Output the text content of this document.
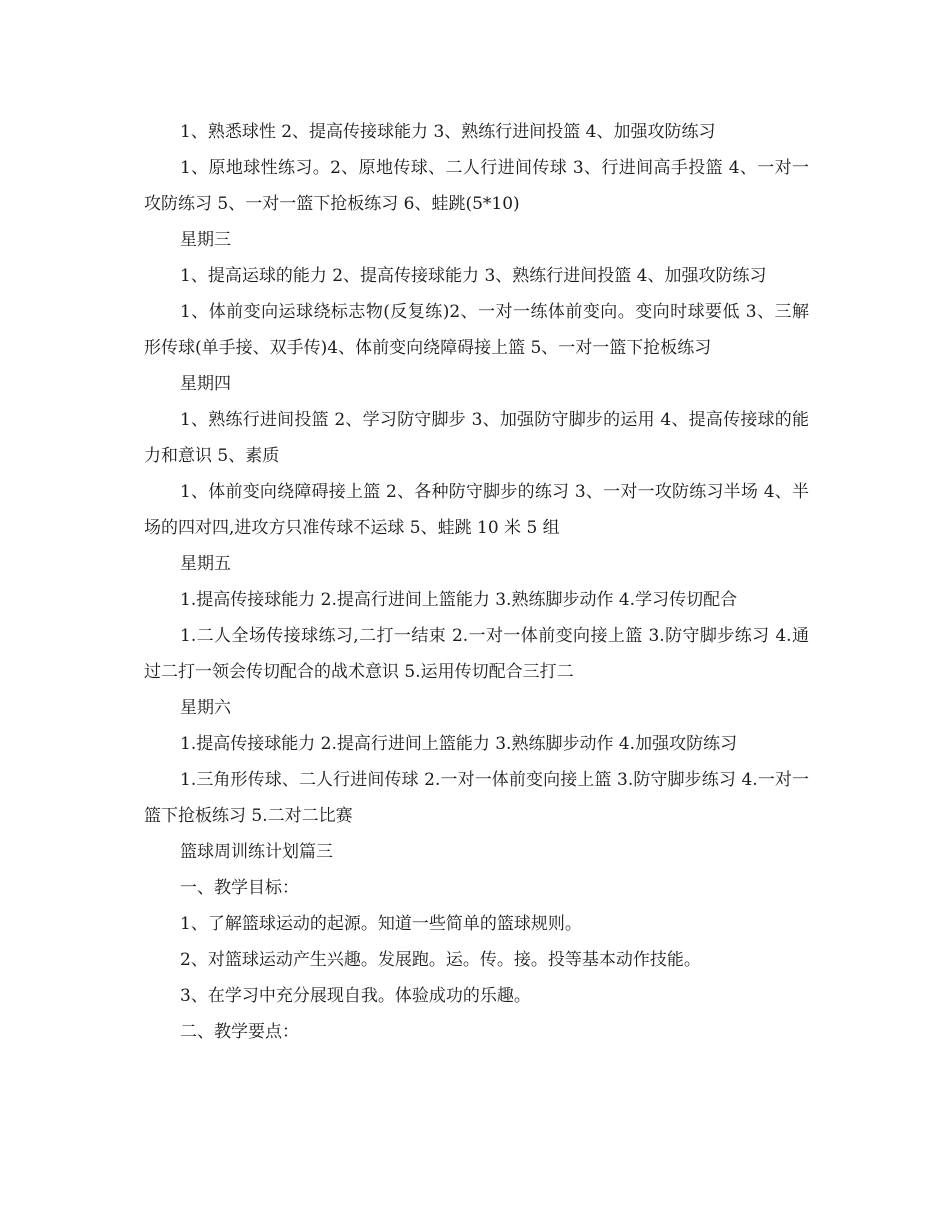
1、熟悉球性 2、提高传接球能力 3、熟练行进间投篮 4、加强攻防练习

1、原地球性练习。2、原地传球、二人行进间传球 3、行进间高手投篮 4、一对一攻防练习 5、一对一篮下抢板练习 6、蛙跳(5*10)

星期三

1、提高运球的能力 2、提高传接球能力 3、熟练行进间投篮 4、加强攻防练习

1、体前变向运球绕标志物(反复练)2、一对一练体前变向。变向时球要低 3、三解形传球(单手接、双手传)4、体前变向绕障碍接上篮 5、一对一篮下抢板练习

星期四

1、熟练行进间投篮 2、学习防守脚步 3、加强防守脚步的运用 4、提高传接球的能力和意识 5、素质

1、体前变向绕障碍接上篮 2、各种防守脚步的练习 3、一对一攻防练习半场 4、半场的四对四,进攻方只准传球不运球 5、蛙跳 10 米 5 组

星期五

1.提高传接球能力 2.提高行进间上篮能力 3.熟练脚步动作 4.学习传切配合

1.二人全场传接球练习,二打一结束 2.一对一体前变向接上篮 3.防守脚步练习 4.通过二打一领会传切配合的战术意识 5.运用传切配合三打二

星期六

1.提高传接球能力 2.提高行进间上篮能力 3.熟练脚步动作 4.加强攻防练习

1.三角形传球、二人行进间传球 2.一对一体前变向接上篮 3.防守脚步练习 4.一对一篮下抢板练习 5.二对二比赛

篮球周训练计划篇三

一、教学目标：

1、了解篮球运动的起源。知道一些简单的篮球规则。

2、对篮球运动产生兴趣。发展跑。运。传。接。投等基本动作技能。

3、在学习中充分展现自我。体验成功的乐趣。

二、教学要点：
